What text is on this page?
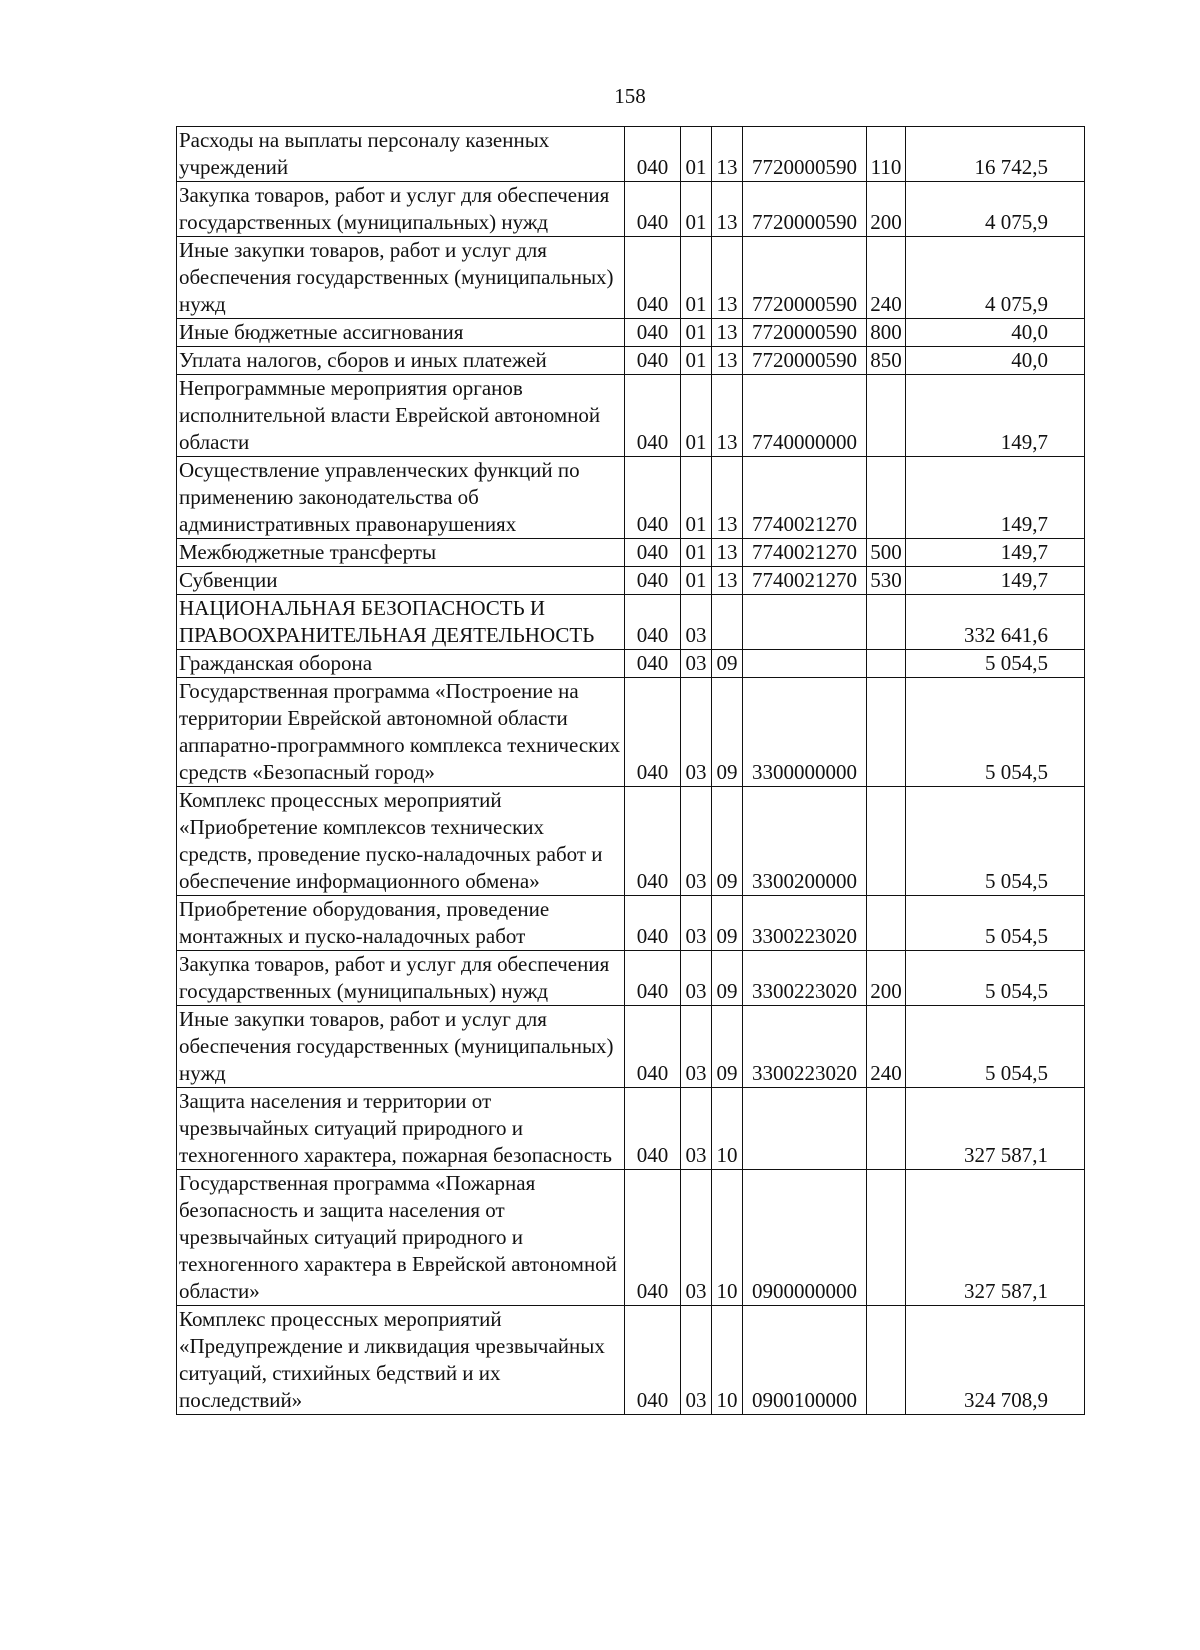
158
Расходы на выплаты персоналу казенных учреждений	040	01	13	7720000590	110	16 742,5
Закупка товаров, работ и услуг для обеспечения государственных (муниципальных) нужд	040	01	13	7720000590	200	4 075,9
Иные закупки товаров, работ и услуг для обеспечения государственных (муниципальных) нужд	040	01	13	7720000590	240	4 075,9
Иные бюджетные ассигнования	040	01	13	7720000590	800	40,0
Уплата налогов, сборов и иных платежей	040	01	13	7720000590	850	40,0
Непрограммные мероприятия органов исполнительной власти Еврейской автономной области	040	01	13	7740000000		149,7
Осуществление управленческих функций по применению законодательства об административных правонарушениях	040	01	13	7740021270		149,7
Межбюджетные трансферты	040	01	13	7740021270	500	149,7
Субвенции	040	01	13	7740021270	530	149,7
НАЦИОНАЛЬНАЯ БЕЗОПАСНОСТЬ И ПРАВООХРАНИТЕЛЬНАЯ ДЕЯТЕЛЬНОСТЬ	040	03				332 641,6
Гражданская оборона	040	03	09			5 054,5
Государственная программа «Построение на территории Еврейской автономной области аппаратно-программного комплекса технических средств «Безопасный город»	040	03	09	3300000000		5 054,5
Комплекс процессных мероприятий «Приобретение комплексов технических средств, проведение пуско-наладочных работ и обеспечение информационного обмена»	040	03	09	3300200000		5 054,5
Приобретение оборудования, проведение монтажных и пуско-наладочных работ	040	03	09	3300223020		5 054,5
Закупка товаров, работ и услуг для обеспечения государственных (муниципальных) нужд	040	03	09	3300223020	200	5 054,5
Иные закупки товаров, работ и услуг для обеспечения государственных (муниципальных) нужд	040	03	09	3300223020	240	5 054,5
Защита населения и территории от чрезвычайных ситуаций природного и техногенного характера, пожарная безопасность	040	03	10			327 587,1
Государственная программа «Пожарная безопасность и защита населения от чрезвычайных ситуаций природного и техногенного характера в Еврейской автономной области»	040	03	10	0900000000		327 587,1
Комплекс процессных мероприятий «Предупреждение и ликвидация чрезвычайных ситуаций, стихийных бедствий и их последствий»	040	03	10	0900100000		324 708,9
